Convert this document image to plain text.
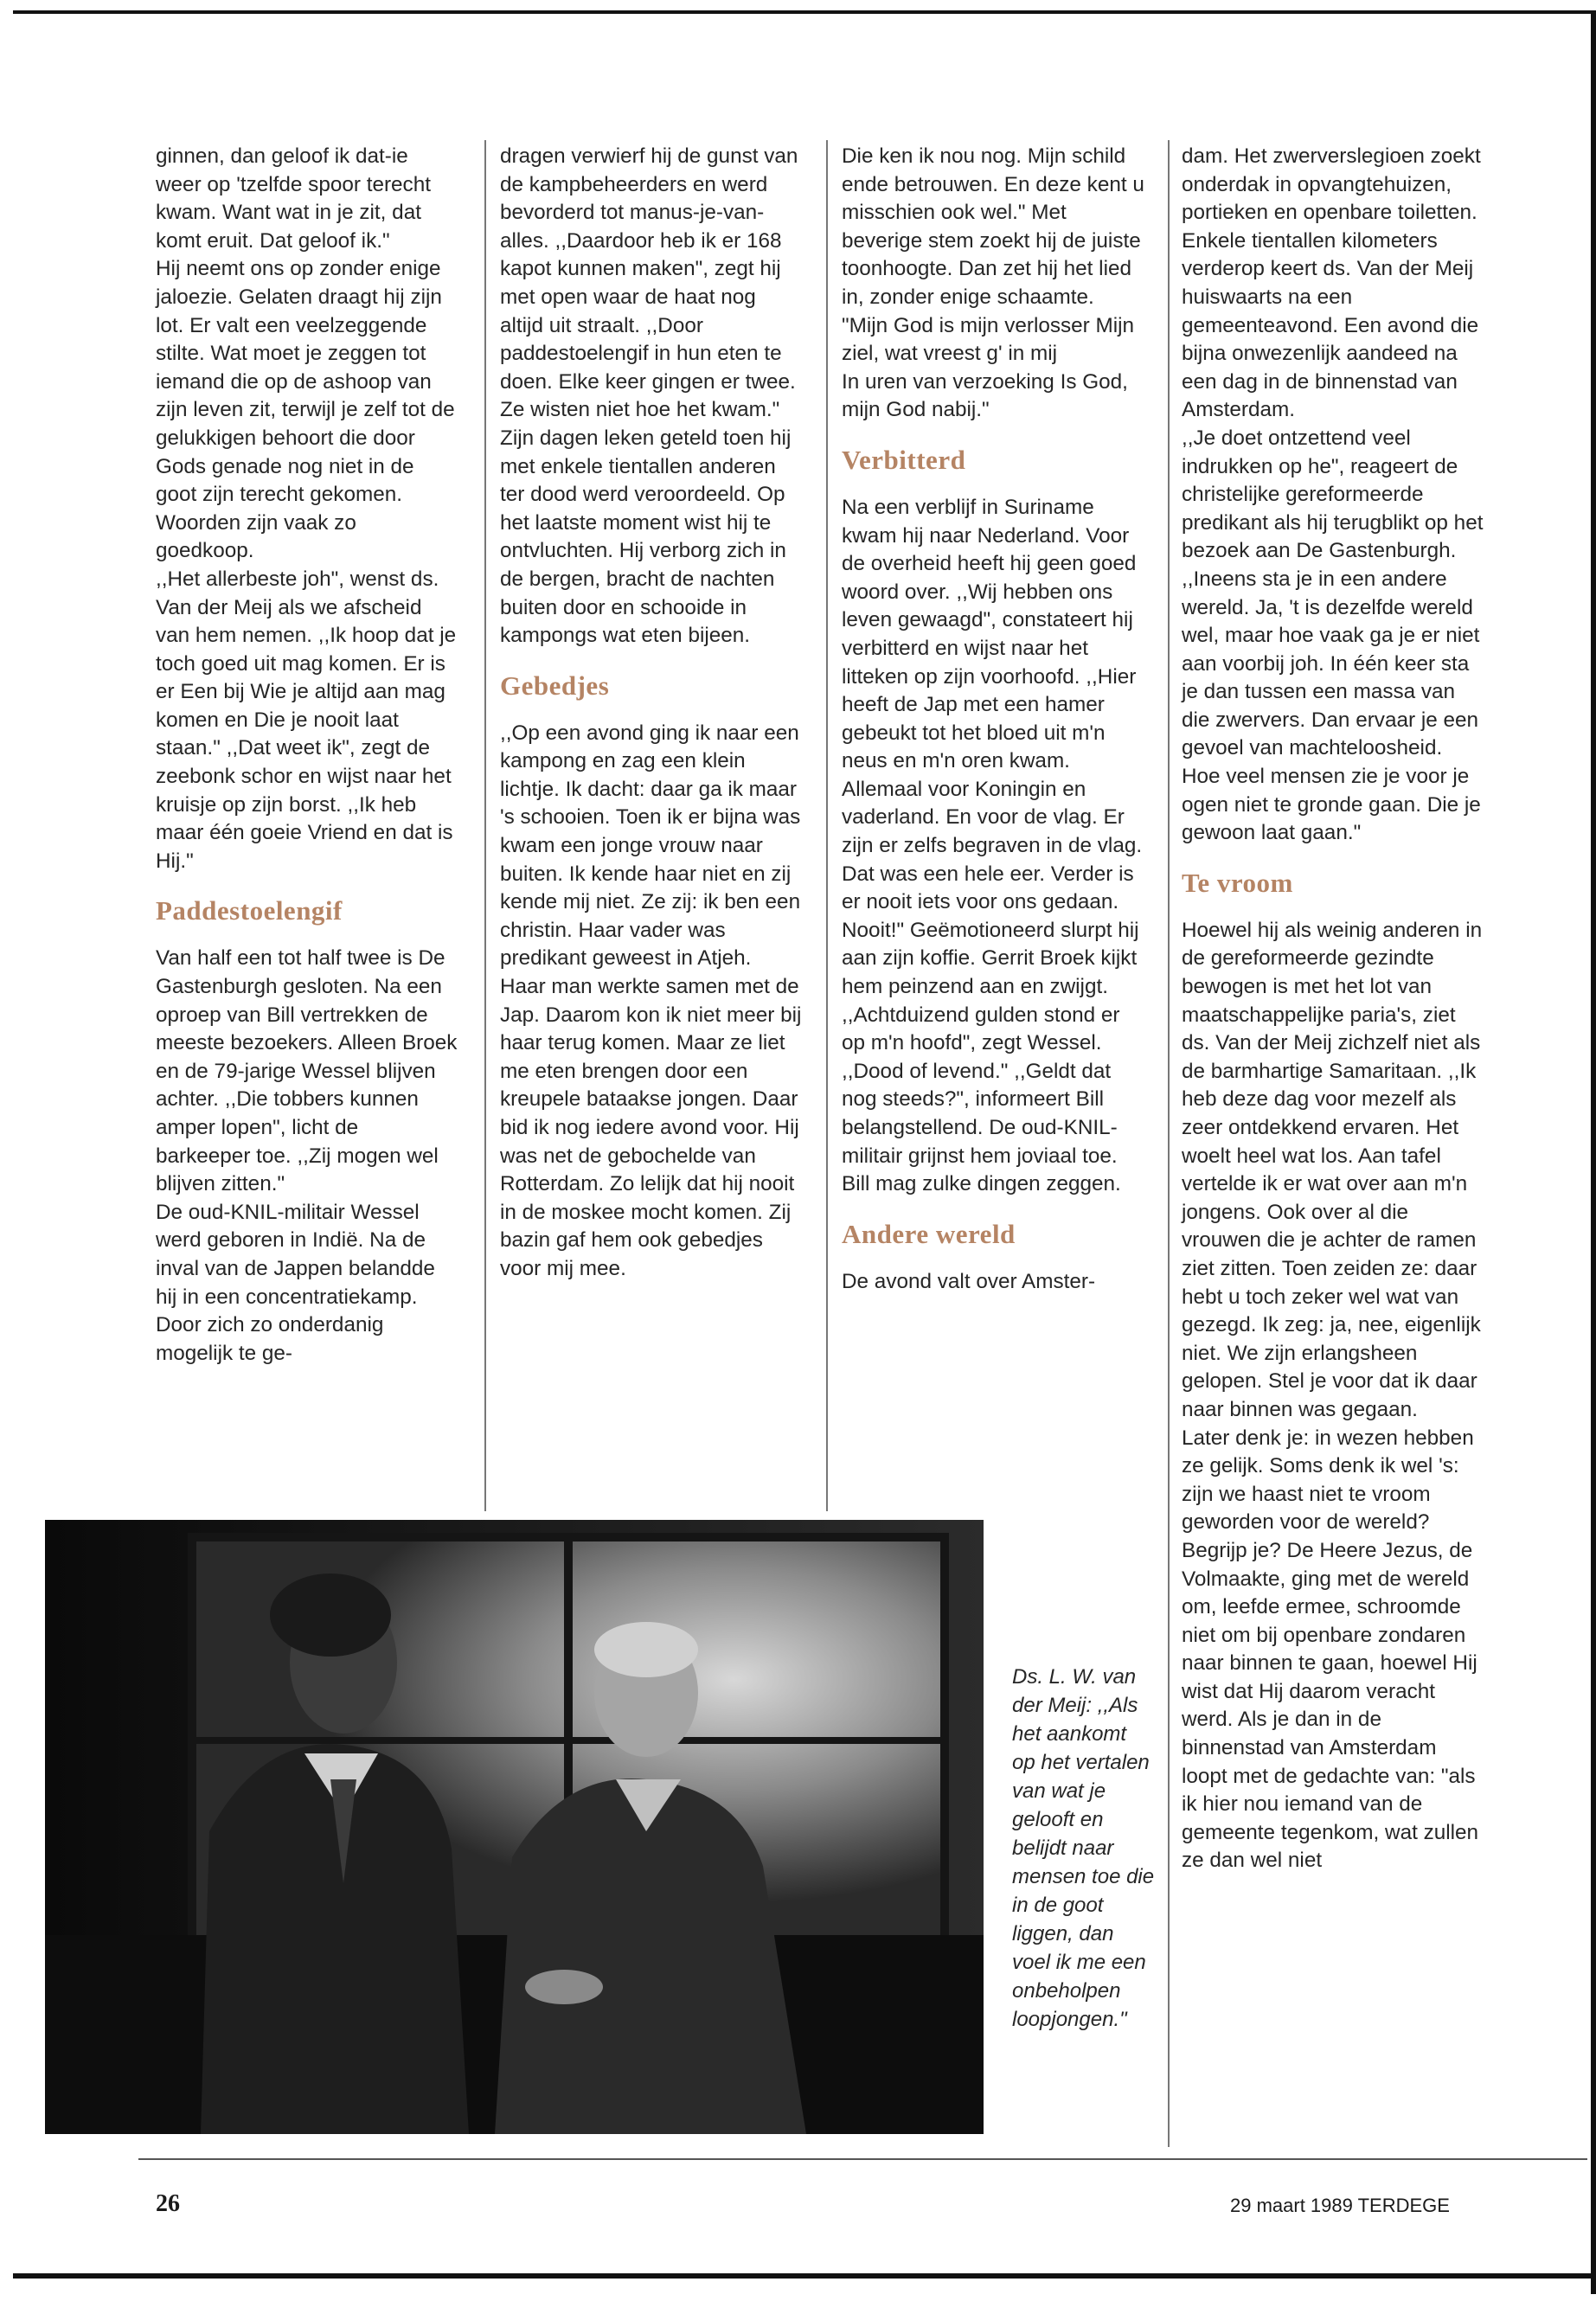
ginnen, dan geloof ik dat-ie weer op 'tzelfde spoor terecht kwam. Want wat in je zit, dat komt eruit. Dat geloof ik."

Hij neemt ons op zonder enige jaloezie. Gelaten draagt hij zijn lot. Er valt een veelzeggende stilte. Wat moet je zeggen tot iemand die op de ashoop van zijn leven zit, terwijl je zelf tot de gelukkigen behoort die door Gods genade nog niet in de goot zijn terecht gekomen. Woorden zijn vaak zo goedkoop.

,,Het allerbeste joh", wenst ds. Van der Meij als we afscheid van hem nemen. ,,Ik hoop dat je toch goed uit mag komen. Er is er Een bij Wie je altijd aan mag komen en Die je nooit laat staan." ,,Dat weet ik", zegt de zeebonk schor en wijst naar het kruisje op zijn borst. ,,Ik heb maar één goeie Vriend en dat is Hij."

Paddestoelengif

Van half een tot half twee is De Gastenburgh gesloten. Na een oproep van Bill vertrekken de meeste bezoekers. Alleen Broek en de 79-jarige Wessel blijven achter. ,,Die tobbers kunnen amper lopen", licht de barkeeper toe. ,,Zij mogen wel blijven zitten."

De oud-KNIL-militair Wessel werd geboren in Indië. Na de inval van de Jappen belandde hij in een concentratiekamp. Door zich zo onderdanig mogelijk te ge-

dragen verwierf hij de gunst van de kampbeheerders en werd bevorderd tot manus-je-van-alles. ,,Daardoor heb ik er 168 kapot kunnen maken", zegt hij met open waar de haat nog altijd uit straalt. ,,Door paddestoelengif in hun eten te doen. Elke keer gingen er twee. Ze wisten niet hoe het kwam."

Zijn dagen leken geteld toen hij met enkele tientallen anderen ter dood werd veroordeeld. Op het laatste moment wist hij te ontvluchten. Hij verborg zich in de bergen, bracht de nachten buiten door en schooide in kampongs wat eten bijeen.

Gebedjes

,,Op een avond ging ik naar een kampong en zag een klein lichtje. Ik dacht: daar ga ik maar 's schooien. Toen ik er bijna was kwam een jonge vrouw naar buiten. Ik kende haar niet en zij kende mij niet. Ze zij: ik ben een christin. Haar vader was predikant geweest in Atjeh.

Haar man werkte samen met de Jap. Daarom kon ik niet meer bij haar terug komen. Maar ze liet me eten brengen door een kreupele bataakse jongen. Daar bid ik nog iedere avond voor. Hij was net de gebochelde van Rotterdam. Zo lelijk dat hij nooit in de moskee mocht komen. Zij bazin gaf hem ook gebedjes voor mij mee.

Die ken ik nou nog. Mijn schild ende betrouwen. En deze kent u misschien ook wel." Met beverige stem zoekt hij de juiste toonhoogte. Dan zet hij het lied in, zonder enige schaamte.

"Mijn God is mijn verlosser Mijn ziel, wat vreest g' in mij

In uren van verzoeking Is God, mijn God nabij."

Verbitterd

Na een verblijf in Suriname kwam hij naar Nederland. Voor de overheid heeft hij geen goed woord over. ,,Wij hebben ons leven gewaagd", constateert hij verbitterd en wijst naar het litteken op zijn voorhoofd. ,,Hier heeft de Jap met een hamer gebeukt tot het bloed uit m'n neus en m'n oren kwam. Allemaal voor Koningin en vaderland. En voor de vlag. Er zijn er zelfs begraven in de vlag. Dat was een hele eer. Verder is er nooit iets voor ons gedaan. Nooit!" Geëmotioneerd slurpt hij aan zijn koffie. Gerrit Broek kijkt hem peinzend aan en zwijgt.

,,Achtduizend gulden stond er op m'n hoofd", zegt Wessel. ,,Dood of levend." ,,Geldt dat nog steeds?", informeert Bill belangstellend. De oud-KNIL-militair grijnst hem joviaal toe. Bill mag zulke dingen zeggen.

Andere wereld

De avond valt over Amster-

dam. Het zwerverslegioen zoekt onderdak in opvangtehuizen, portieken en openbare toiletten. Enkele tientallen kilometers verderop keert ds. Van der Meij huiswaarts na een gemeenteavond. Een avond die bijna onwezenlijk aandeed na een dag in de binnenstad van Amsterdam.

,,Je doet ontzettend veel indrukken op he", reageert de christelijke gereformeerde predikant als hij terugblikt op het bezoek aan De Gastenburgh. ,,Ineens sta je in een andere wereld. Ja, 't is dezelfde wereld wel, maar hoe vaak ga je er niet aan voorbij joh. In één keer sta je dan tussen een massa van die zwervers. Dan ervaar je een gevoel van machteloosheid. Hoe veel mensen zie je voor je ogen niet te gronde gaan. Die je gewoon laat gaan."

Te vroom

Hoewel hij als weinig anderen in de gereformeerde gezindte bewogen is met het lot van maatschappelijke paria's, ziet ds. Van der Meij zichzelf niet als de barmhartige Samaritaan. ,,Ik heb deze dag voor mezelf als zeer ontdekkend ervaren. Het woelt heel wat los. Aan tafel vertelde ik er wat over aan m'n jongens. Ook over al die vrouwen die je achter de ramen ziet zitten. Toen zeiden ze: daar hebt u toch zeker wel wat van gezegd. Ik zeg: ja, nee, eigenlijk niet. We zijn erlangsheen gelopen. Stel je voor dat ik daar naar binnen was gegaan.

Later denk je: in wezen hebben ze gelijk. Soms denk ik wel 's: zijn we haast niet te vroom geworden voor de wereld? Begrijp je? De Heere Jezus, de Volmaakte, ging met de wereld om, leefde ermee, schroomde niet om bij openbare zondaren naar binnen te gaan, hoewel Hij wist dat Hij daarom veracht werd. Als je dan in de binnenstad van Amsterdam loopt met de gedachte van: "als ik hier nou iemand van de gemeente tegenkom, wat zullen ze dan wel niet

Ds. L. W. van der Meij: ,,Als het aankomt op het vertalen van wat je gelooft en belijdt naar mensen toe die in de goot liggen, dan voel ik me een onbeholpen loopjongen."
26	29 maart 1989 TERDEGE
